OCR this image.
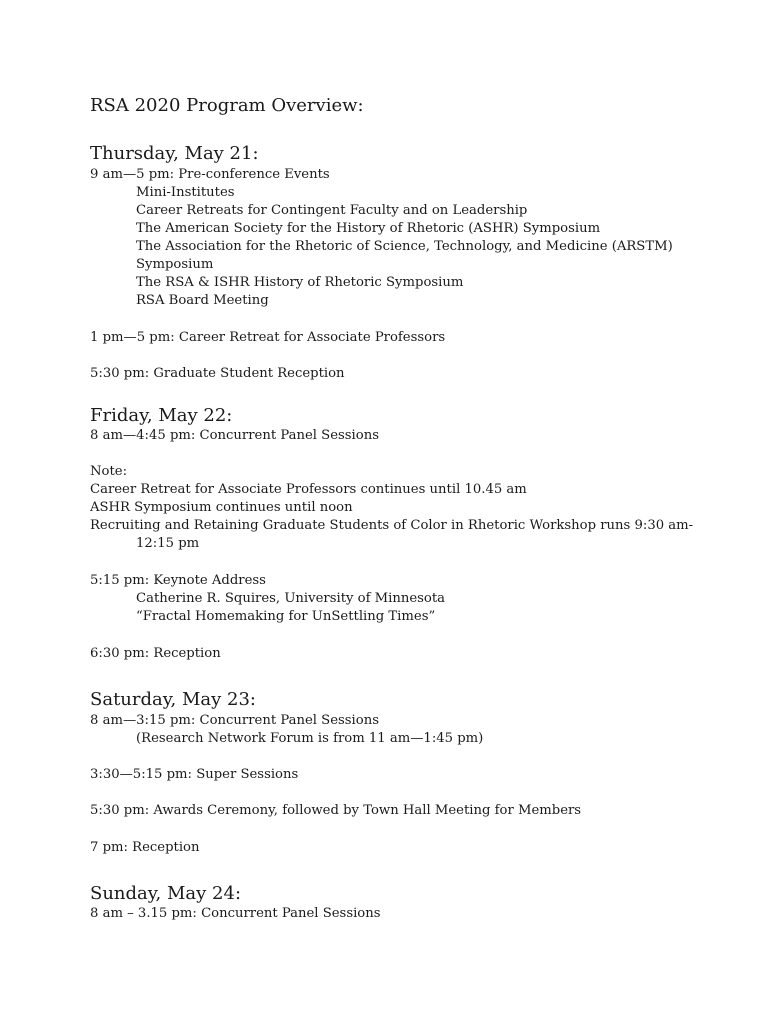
RSA 2020 Program Overview:
Thursday, May 21:
9 am—5 pm: Pre-conference Events
Mini-Institutes
Career Retreats for Contingent Faculty and on Leadership
The American Society for the History of Rhetoric (ASHR) Symposium
The Association for the Rhetoric of Science, Technology, and Medicine (ARSTM)
Symposium
The RSA & ISHR History of Rhetoric Symposium
RSA Board Meeting
1 pm—5 pm: Career Retreat for Associate Professors
5:30 pm: Graduate Student Reception
Friday, May 22:
8 am—4:45 pm: Concurrent Panel Sessions
Note:
Career Retreat for Associate Professors continues until 10.45 am
ASHR Symposium continues until noon
Recruiting and Retaining Graduate Students of Color in Rhetoric Workshop runs 9:30 am-
12:15 pm
5:15 pm: Keynote Address
Catherine R. Squires, University of Minnesota
“Fractal Homemaking for UnSettling Times”
6:30 pm: Reception
Saturday, May 23:
8 am—3:15 pm: Concurrent Panel Sessions
(Research Network Forum is from 11 am—1:45 pm)
3:30—5:15 pm: Super Sessions
5:30 pm: Awards Ceremony, followed by Town Hall Meeting for Members
7 pm: Reception
Sunday, May 24:
8 am – 3.15 pm: Concurrent Panel Sessions
